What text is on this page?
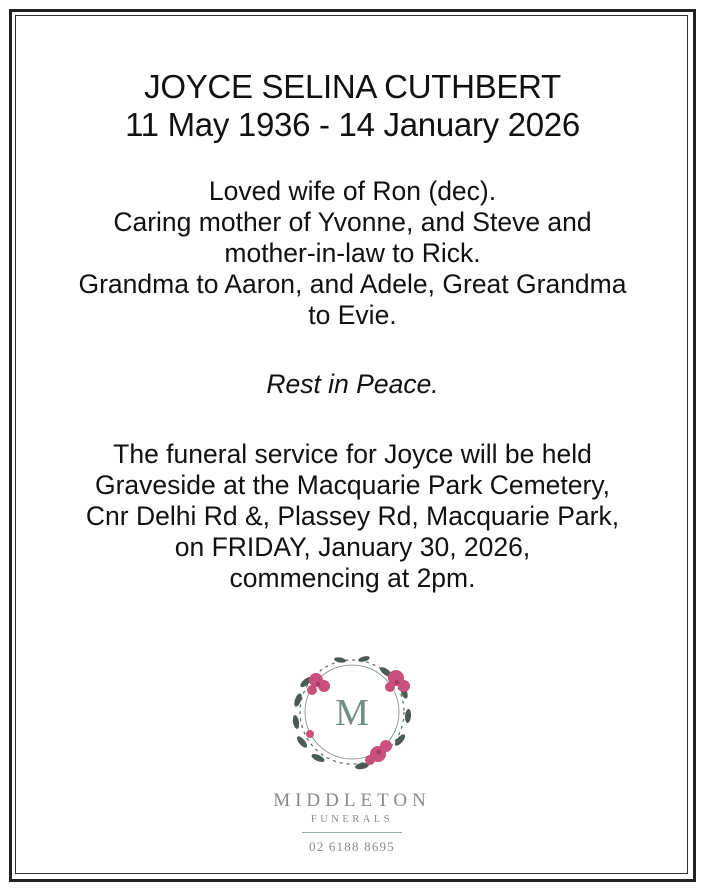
JOYCE SELINA CUTHBERT
11 May 1936 - 14 January 2026
Loved wife of Ron (dec).
Caring mother of Yvonne, and Steve and
mother-in-law to Rick.
Grandma to Aaron, and Adele, Great Grandma
to Evie.
Rest in Peace.
The funeral service for Joyce will be held
Graveside at the Macquarie Park Cemetery,
Cnr Delhi Rd &, Plassey Rd, Macquarie Park,
on FRIDAY, January 30, 2026,
commencing at 2pm.
M
MIDDLETON
FUNERALS
02 6188 8695
